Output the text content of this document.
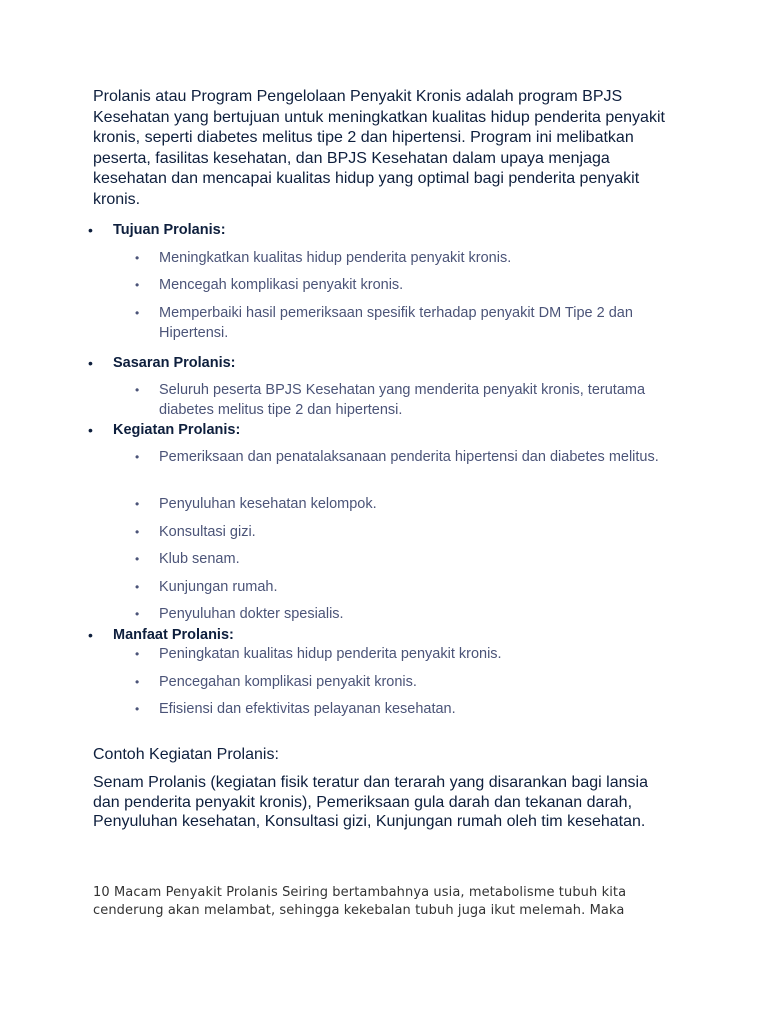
Prolanis atau Program Pengelolaan Penyakit Kronis adalah program BPJS Kesehatan yang bertujuan untuk meningkatkan kualitas hidup penderita penyakit kronis, seperti diabetes melitus tipe 2 dan hipertensi. Program ini melibatkan peserta, fasilitas kesehatan, dan BPJS Kesehatan dalam upaya menjaga kesehatan dan mencapai kualitas hidup yang optimal bagi penderita penyakit kronis.

• Tujuan Prolanis:
• Meningkatkan kualitas hidup penderita penyakit kronis.
• Mencegah komplikasi penyakit kronis.
• Memperbaiki hasil pemeriksaan spesifik terhadap penyakit DM Tipe 2 dan Hipertensi.
• Sasaran Prolanis:
• Seluruh peserta BPJS Kesehatan yang menderita penyakit kronis, terutama diabetes melitus tipe 2 dan hipertensi.
• Kegiatan Prolanis:
• Pemeriksaan dan penatalaksanaan penderita hipertensi dan diabetes melitus.
• Penyuluhan kesehatan kelompok.
• Konsultasi gizi.
• Klub senam.
• Kunjungan rumah.
• Penyuluhan dokter spesialis.
• Manfaat Prolanis:
• Peningkatan kualitas hidup penderita penyakit kronis.
• Pencegahan komplikasi penyakit kronis.
• Efisiensi dan efektivitas pelayanan kesehatan.
Contoh Kegiatan Prolanis:

Senam Prolanis (kegiatan fisik teratur dan terarah yang disarankan bagi lansia dan penderita penyakit kronis), Pemeriksaan gula darah dan tekanan darah, Penyuluhan kesehatan, Konsultasi gizi, Kunjungan rumah oleh tim kesehatan.

10 Macam Penyakit Prolanis Seiring bertambahnya usia, metabolisme tubuh kita cenderung akan melambat, sehingga kekebalan tubuh juga ikut melemah. Maka
